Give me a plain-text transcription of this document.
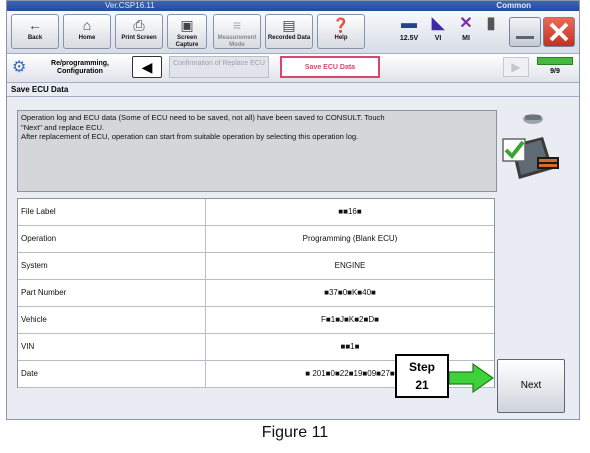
Ver.CSP16.11	Common
←
Back
⌂
Home
⎙
Print Screen
▣
Screen Capture
≡
Measurement Mode
▤
Recorded Data
❓
Help
▬
12.5V
◣
VI
✕
MI
▮
⚙	Re/programming, Configuration	◀	Confirmation of Replace ECU
Save ECU Data	▶	9/9
Save ECU Data
Operation log and ECU data (Some of ECU need to be saved, not all) have been saved to CONSULT. Touch
"Next" and replace ECU.
After replacement of ECU, operation can start from suitable operation by selecting this operation log.
File Label	■■16■
Operation	Programming (Blank ECU)
System	ENGINE
Part Number	■37■0■K■40■
Vehicle	F■1■J■K■2■D■
VIN	■■1■
Date	■ 201■0■22■19■09■27■
Next
Step
21
Figure 11
